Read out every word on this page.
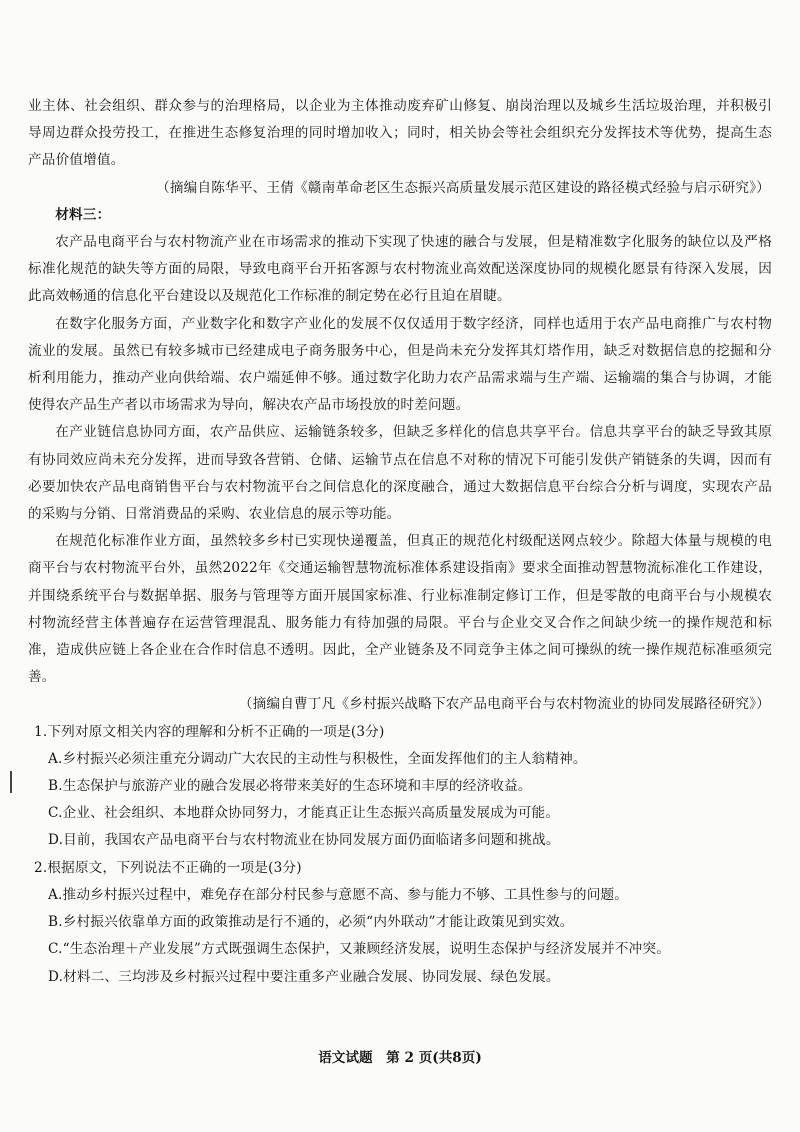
业主体、社会组织、群众参与的治理格局，以企业为主体推动废弃矿山修复、崩岗治理以及城乡生活垃圾治理，并积极引导周边群众投劳投工，在推进生态修复治理的同时增加收入；同时，相关协会等社会组织充分发挥技术等优势，提高生态产品价值增值。

（摘编自陈华平、王倩《赣南革命老区生态振兴高质量发展示范区建设的路径模式经验与启示研究》）

材料三：

农产品电商平台与农村物流产业在市场需求的推动下实现了快速的融合与发展，但是精准数字化服务的缺位以及严格标准化规范的缺失等方面的局限，导致电商平台开拓客源与农村物流业高效配送深度协同的规模化愿景有待深入发展，因此高效畅通的信息化平台建设以及规范化工作标准的制定势在必行且迫在眉睫。

在数字化服务方面，产业数字化和数字产业化的发展不仅仅适用于数字经济，同样也适用于农产品电商推广与农村物流业的发展。虽然已有较多城市已经建成电子商务服务中心，但是尚未充分发挥其灯塔作用，缺乏对数据信息的挖掘和分析利用能力，推动产业向供给端、农户端延伸不够。通过数字化助力农产品需求端与生产端、运输端的集合与协调，才能使得农产品生产者以市场需求为导向，解决农产品市场投放的时差问题。

在产业链信息协同方面，农产品供应、运输链条较多，但缺乏多样化的信息共享平台。信息共享平台的缺乏导致其原有协同效应尚未充分发挥，进而导致各营销、仓储、运输节点在信息不对称的情况下可能引发供产销链条的失调，因而有必要加快农产品电商销售平台与农村物流平台之间信息化的深度融合，通过大数据信息平台综合分析与调度，实现农产品的采购与分销、日常消费品的采购、农业信息的展示等功能。

在规范化标准作业方面，虽然较多乡村已实现快递覆盖，但真正的规范化村级配送网点较少。除超大体量与规模的电商平台与农村物流平台外，虽然2022年《交通运输智慧物流标准体系建设指南》要求全面推动智慧物流标准化工作建设，并围绕系统平台与数据单据、服务与管理等方面开展国家标准、行业标准制定修订工作，但是零散的电商平台与小规模农村物流经营主体普遍存在运营管理混乱、服务能力有待加强的局限。平台与企业交叉合作之间缺少统一的操作规范和标准，造成供应链上各企业在合作时信息不透明。因此，全产业链条及不同竞争主体之间可操纵的统一操作规范标准亟须完善。

（摘编自曹丁凡《乡村振兴战略下农产品电商平台与农村物流业的协同发展路径研究》）

1.下列对原文相关内容的理解和分析不正确的一项是(3分)

A.乡村振兴必须注重充分调动广大农民的主动性与积极性，全面发挥他们的主人翁精神。

B.生态保护与旅游产业的融合发展必将带来美好的生态环境和丰厚的经济收益。

C.企业、社会组织、本地群众协同努力，才能真正让生态振兴高质量发展成为可能。

D.目前，我国农产品电商平台与农村物流业在协同发展方面仍面临诸多问题和挑战。

2.根据原文，下列说法不正确的一项是(3分)

A.推动乡村振兴过程中，难免存在部分村民参与意愿不高、参与能力不够、工具性参与的问题。

B.乡村振兴依靠单方面的政策推动是行不通的，必须“内外联动”才能让政策见到实效。

C.“生态治理＋产业发展”方式既强调生态保护，又兼顾经济发展，说明生态保护与经济发展并不冲突。

D.材料二、三均涉及乡村振兴过程中要注重多产业融合发展、协同发展、绿色发展。

语文试题　第 2 页(共8页)
